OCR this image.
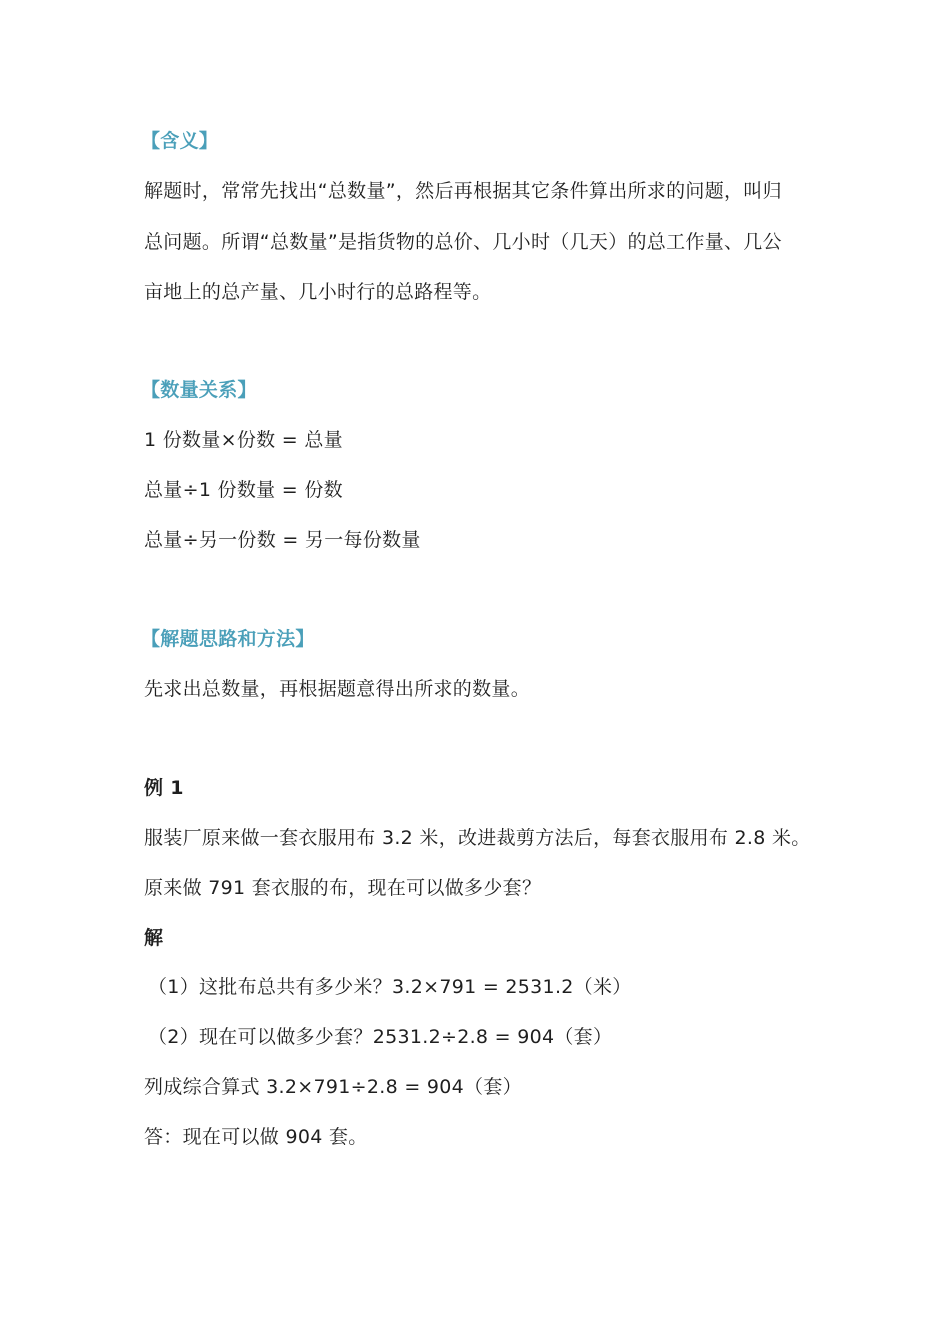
【含义】
解题时，常常先找出“总数量”，然后再根据其它条件算出所求的问题，叫归
总问题。所谓“总数量”是指货物的总价、几小时（几天）的总工作量、几公
亩地上的总产量、几小时行的总路程等。
【数量关系】
1 份数量×份数 = 总量
总量÷1 份数量 = 份数
总量÷另一份数 = 另一每份数量
【解题思路和方法】
先求出总数量，再根据题意得出所求的数量。
例 1
服装厂原来做一套衣服用布 3.2 米，改进裁剪方法后，每套衣服用布 2.8 米。
原来做 791 套衣服的布，现在可以做多少套？
解
（1）这批布总共有多少米？3.2×791 = 2531.2（米）
（2）现在可以做多少套？2531.2÷2.8 = 904（套）
列成综合算式 3.2×791÷2.8 = 904（套）
答：现在可以做 904 套。
